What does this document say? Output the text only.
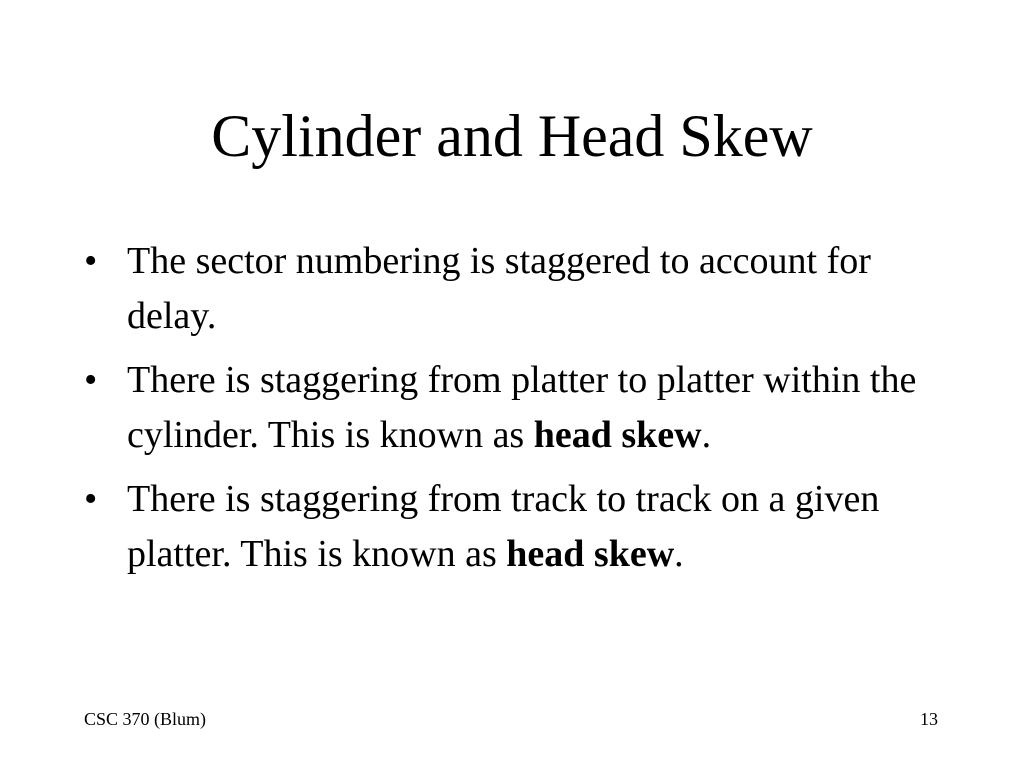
Cylinder and Head Skew
• The sector numbering is staggered to account for delay.
• There is staggering from platter to platter within the cylinder. This is known as head skew.
• There is staggering from track to track on a given platter. This is known as head skew.
CSC 370 (Blum)	13
